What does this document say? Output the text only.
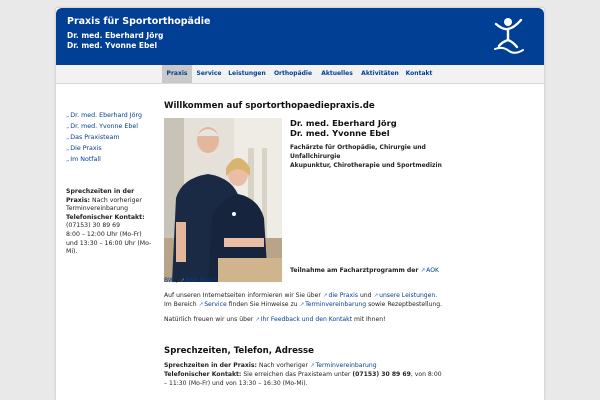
Praxis für Sportorthopädie
Dr. med. Eberhard Jörg
Dr. med. Yvonne Ebel
Praxis	Service	Leistungen	Orthopädie	Aktuelles	Aktivitäten	Kontakt
„Dr. med. Eberhard Jörg
„Dr. med. Yvonne Ebel
„Das Praxisteam
„Die Praxis
„Im Notfall
Sprechzeiten in der Praxis: Nach vorheriger Terminvereinbarung
Telefonischer Kontakt:
(07153) 30 89 69
8:00 – 12:00 Uhr (Mo-Fr)
und 13:30 – 16:00 Uhr (Mo-Mi).
Willkommen auf sportorthopaediepraxis.de
Dr. med. Eberhard Jörg
Dr. med. Yvonne Ebel
Fachärzte für Orthopädie, Chirurgie und
Unfallchirurgie
Akupunktur, Chirotherapie und Sportmedizin
Teilnahme am Facharztprogramm der ↗AOK
BW / ↗BKK Bosch
Auf unseren Internetseiten informieren wir Sie über ↗die Praxis und ↗unsere Leistungen.
Im Bereich ↗Service finden Sie Hinweise zu ↗Terminvereinbarung sowie Rezeptbestellung.
Natürlich freuen wir uns über ↗Ihr Feedback und den Kontakt mit Ihnen!
Sprechzeiten, Telefon, Adresse
Sprechzeiten in der Praxis: Nach vorheriger ↗Terminvereinbarung
Telefonischer Kontakt: Sie erreichen das Praxisteam unter (07153) 30 89 69, von 8:00
– 11:30 (Mo-Fr) und von 13:30 – 16:30 (Mo-Mi).
